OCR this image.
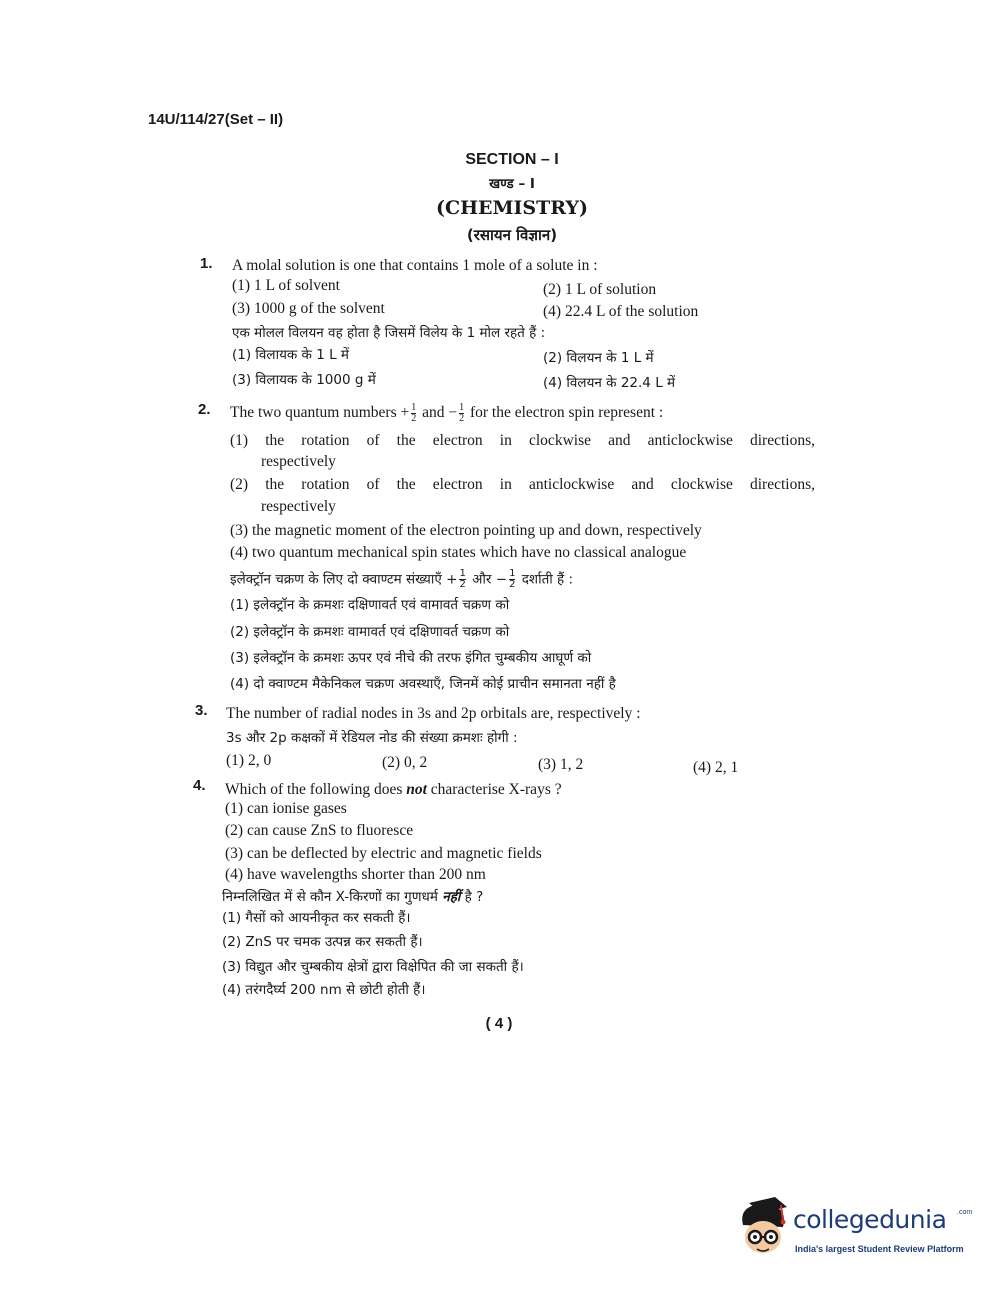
14U/114/27(Set – II)
SECTION – I
खण्ड – I
(CHEMISTRY)
(रसायन विज्ञान)
1. A molal solution is one that contains 1 mole of a solute in :
(1) 1 L of solvent	(2) 1 L of solution
(3) 1000 g of the solvent	(4) 22.4 L of the solution
एक मोलल विलयन वह होता है जिसमें विलेय के 1 मोल रहते हैं :
(1) विलायक के 1 L में	(2) विलयन के 1 L में
(3) विलायक के 1000 g में	(4) विलयन के 22.4 L में
2. The two quantum numbers + $\frac{1}{2}$ and − $\frac{1}{2}$ for the electron spin represent :
(1) the rotation of the electron in clockwise and anticlockwise directions,
respectively
(2) the rotation of the electron in anticlockwise and clockwise directions,
respectively
(3) the magnetic moment of the electron pointing up and down, respectively
(4) two quantum mechanical spin states which have no classical analogue
इलेक्ट्रॉन चक्रण के लिए दो क्वाण्टम संख्याएँ + $\frac{1}{2}$ और − $\frac{1}{2}$ दर्शाती हैं :
(1) इलेक्ट्रॉन के क्रमशः दक्षिणावर्त एवं वामावर्त चक्रण को
(2) इलेक्ट्रॉन के क्रमशः वामावर्त एवं दक्षिणावर्त चक्रण को
(3) इलेक्ट्रॉन के क्रमशः ऊपर एवं नीचे की तरफ इंगित चुम्बकीय आघूर्ण को
(4) दो क्वाण्टम मैकेनिकल चक्रण अवस्थाएँ, जिनमें कोई प्राचीन समानता नहीं है
3. The number of radial nodes in 3s and 2p orbitals are, respectively :
3s और 2p कक्षकों में रेडियल नोड की संख्या क्रमशः होगी :
(1) 2, 0	(2) 0, 2	(3) 1, 2	(4) 2, 1
4. Which of the following does not characterise X-rays ?
(1) can ionise gases
(2) can cause ZnS to fluoresce
(3) can be deflected by electric and magnetic fields
(4) have wavelengths shorter than 200 nm
निम्नलिखित में से कौन X-किरणों का गुणधर्म नहीं है ?
(1) गैसों को आयनीकृत कर सकती हैं।
(2) ZnS पर चमक उत्पन्न कर सकती हैं।
(3) विद्युत और चुम्बकीय क्षेत्रों द्वारा विक्षेपित की जा सकती हैं।
(4) तरंगदैर्घ्य 200 nm से छोटी होती हैं।
( 4 )
collegedunia .com
India's largest Student Review Platform
